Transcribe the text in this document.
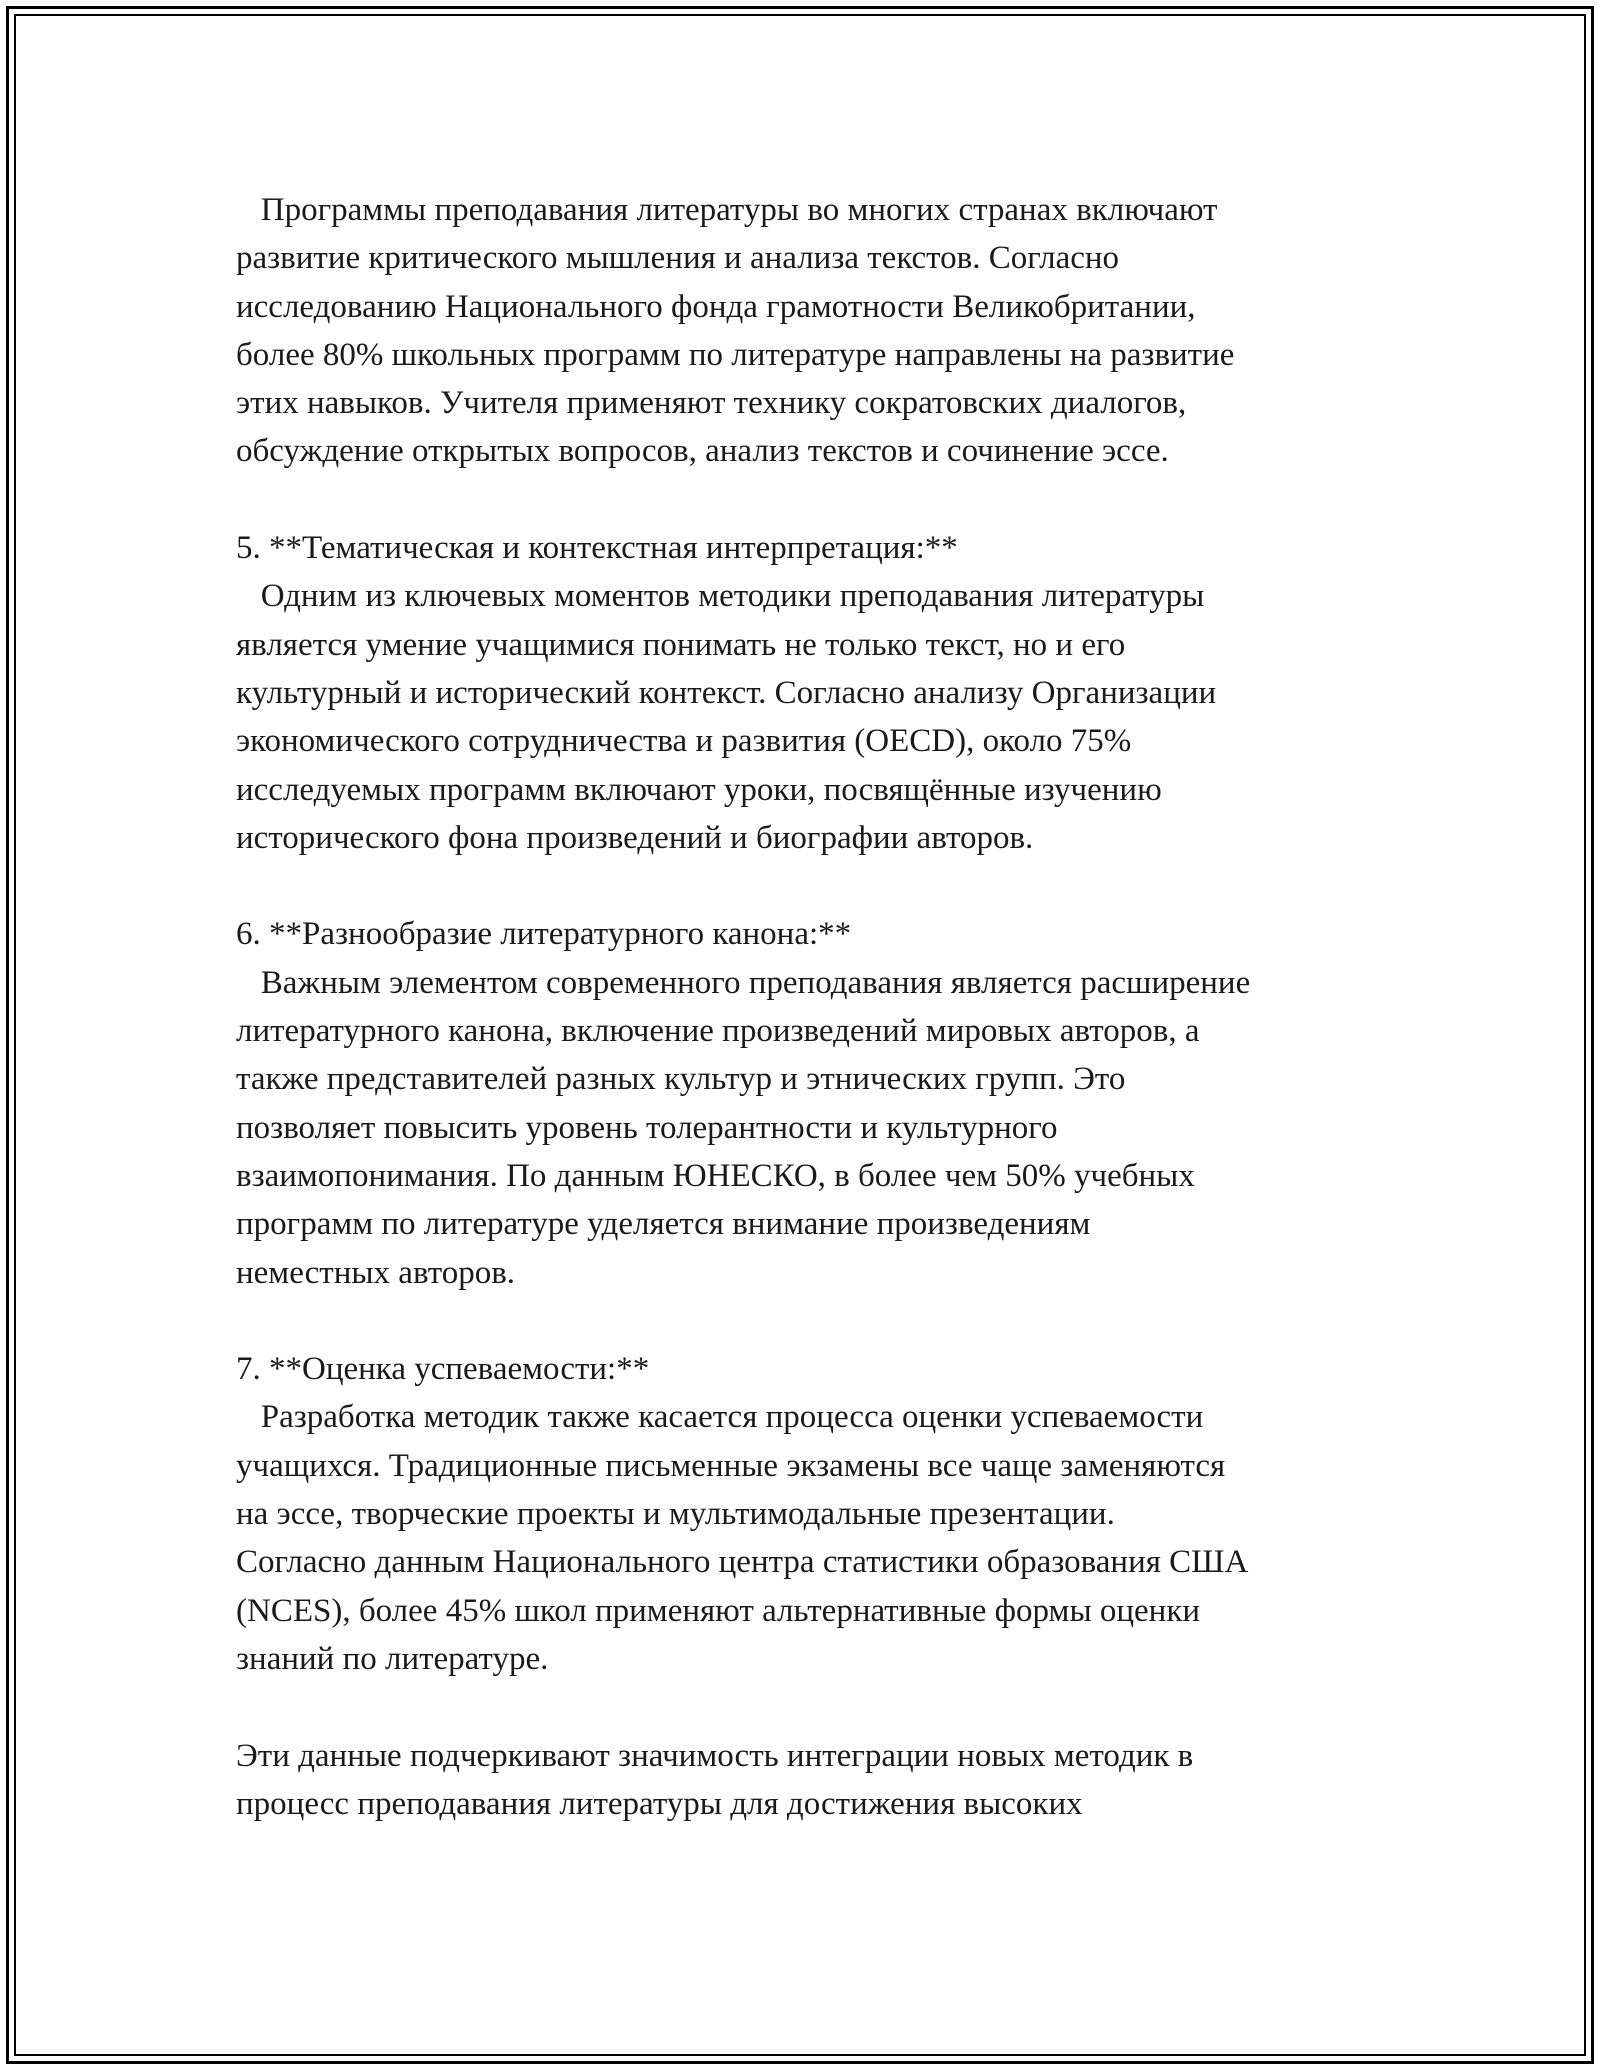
Программы преподавания литературы во многих странах включают
развитие критического мышления и анализа текстов. Согласно
исследованию Национального фонда грамотности Великобритании,
более 80% школьных программ по литературе направлены на развитие
этих навыков. Учителя применяют технику сократовских диалогов,
обсуждение открытых вопросов, анализ текстов и сочинение эссе.
5. **Тематическая и контекстная интерпретация:**
Одним из ключевых моментов методики преподавания литературы
является умение учащимися понимать не только текст, но и его
культурный и исторический контекст. Согласно анализу Организации
экономического сотрудничества и развития (OECD), около 75%
исследуемых программ включают уроки, посвящённые изучению
исторического фона произведений и биографии авторов.
6. **Разнообразие литературного канона:**
Важным элементом современного преподавания является расширение
литературного канона, включение произведений мировых авторов, а
также представителей разных культур и этнических групп. Это
позволяет повысить уровень толерантности и культурного
взаимопонимания. По данным ЮНЕСКО, в более чем 50% учебных
программ по литературе уделяется внимание произведениям
неместных авторов.
7. **Оценка успеваемости:**
Разработка методик также касается процесса оценки успеваемости
учащихся. Традиционные письменные экзамены все чаще заменяются
на эссе, творческие проекты и мультимодальные презентации.
Согласно данным Национального центра статистики образования США
(NCES), более 45% школ применяют альтернативные формы оценки
знаний по литературе.
Эти данные подчеркивают значимость интеграции новых методик в
процесс преподавания литературы для достижения высоких
